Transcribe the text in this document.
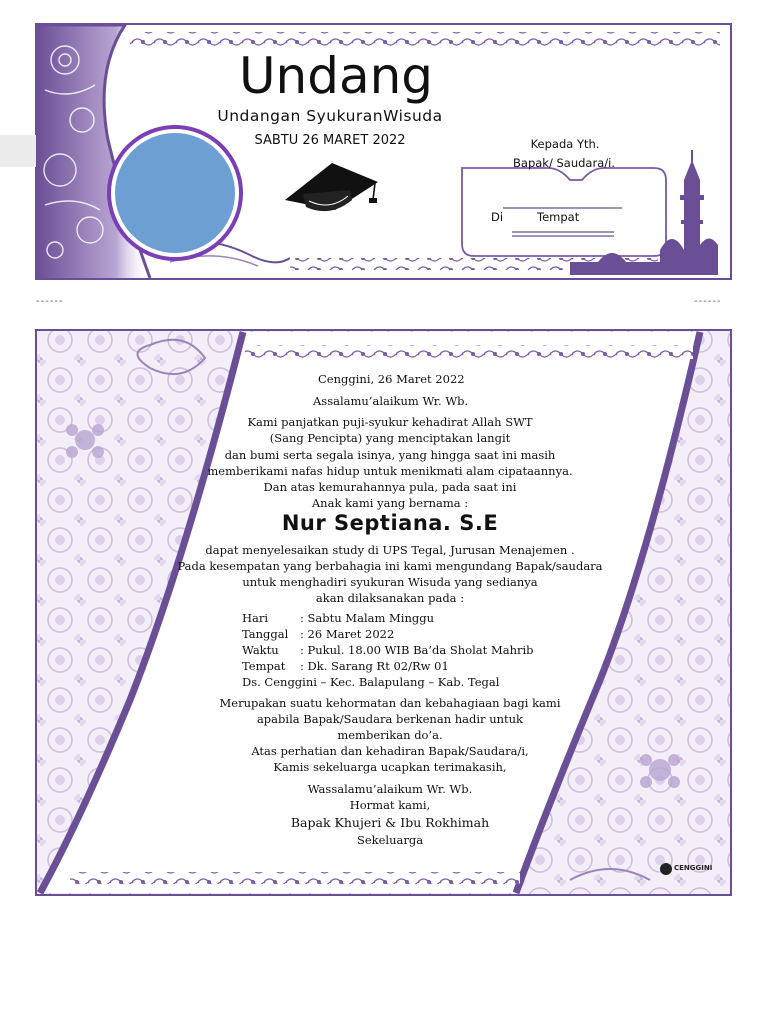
Undang
Undangan SyukuranWisuda
SABTU 26 MARET 2022	Kepada Yth.
Bapak/ Saudara/i.
Di	Tempat
------	------
Cenggini, 26 Maret 2022
Assalamu’alaikum Wr. Wb.
Kami panjatkan puji-syukur kehadirat Allah SWT
(Sang Pencipta) yang menciptakan langit
dan bumi serta segala isinya, yang hingga saat ini masih
memberikami nafas hidup untuk menikmati alam cipataannya.
Dan atas kemurahannya pula, pada saat ini
Anak kami yang bernama :
Nur Septiana. S.E
dapat menyelesaikan study di UPS Tegal, Jurusan Menajemen .
Pada kesempatan yang berbahagia ini kami mengundang Bapak/saudara
untuk menghadiri syukuran Wisuda yang sedianya
akan dilaksanakan pada :
Hari	: Sabtu Malam Minggu
Tanggal : 26 Maret 2022
Waktu : Pukul. 18.00 WIB Ba’da Sholat Mahrib
Tempat : Dk. Sarang Rt 02/Rw 01
Ds. Cenggini – Kec. Balapulang – Kab. Tegal
Merupakan suatu kehormatan dan kebahagiaan bagi kami
apabila Bapak/Saudara berkenan hadir untuk
memberikan do’a.
Atas perhatian dan kehadiran Bapak/Saudara/i,
Kamis sekeluarga ucapkan terimakasih,
Wassalamu’alaikum Wr. Wb.
Hormat kami,
Bapak Khujeri & Ibu Rokhimah
Sekeluarga
CENGGINI
